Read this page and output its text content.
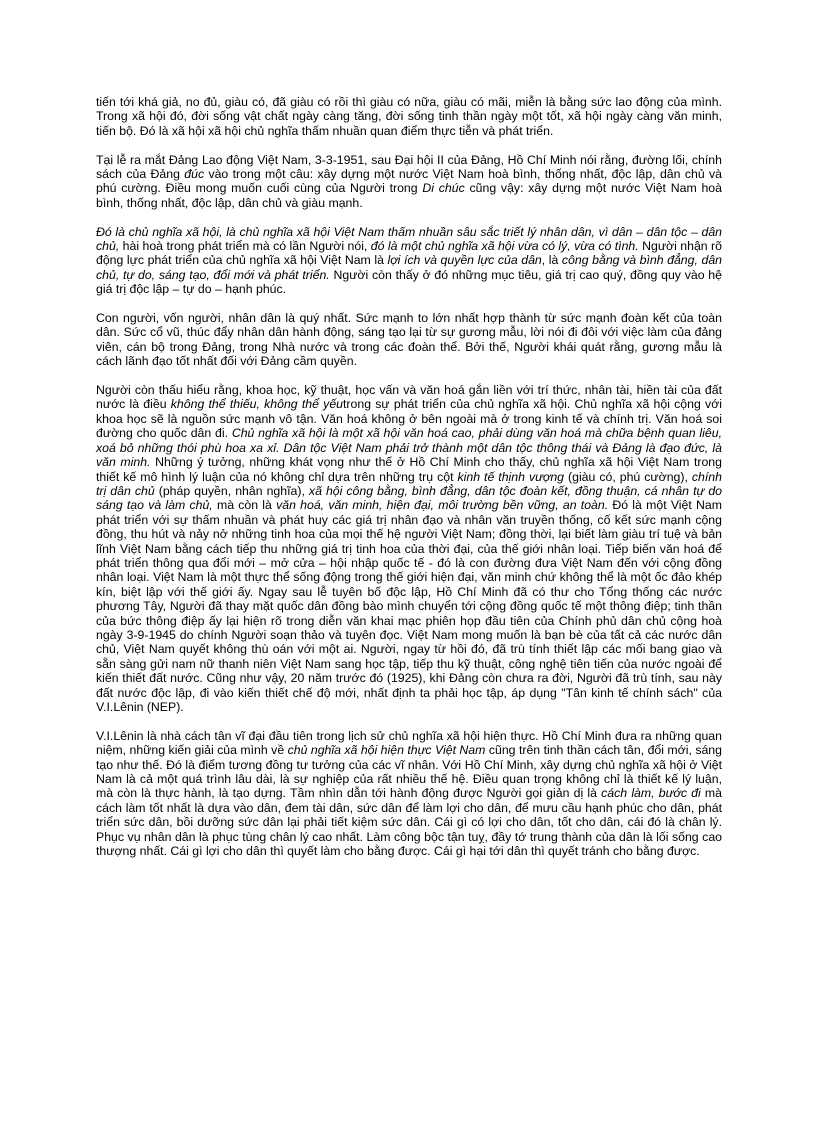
tiến tới khá giả, no đủ, giàu có, đã giàu có rồi thì giàu có nữa, giàu có mãi, miễn là bằng sức lao động của mình. Trong xã hội đó, đời sống vật chất ngày càng tăng, đời sống tinh thần ngày một tốt, xã hội ngày càng văn minh, tiến bộ. Đó là xã hội xã hội chủ nghĩa thấm nhuần quan điểm thực tiễn và phát triển.

Tại lễ ra mắt Đảng Lao động Việt Nam, 3-3-1951, sau Đại hội II của Đảng, Hồ Chí Minh nói rằng, đường lối, chính sách của Đảng đúc vào trong một câu: xây dựng một nước Việt Nam hoà bình, thống nhất, độc lập, dân chủ và phú cường. Điều mong muốn cuối cùng của Người trong Di chúc cũng vậy: xây dựng một nước Việt Nam hoà bình, thống nhất, độc lập, dân chủ và giàu mạnh.

Đó là chủ nghĩa xã hội, là chủ nghĩa xã hội Việt Nam thấm nhuần sâu sắc triết lý nhân dân, vì dân – dân tộc – dân chủ, hài hoà trong phát triển mà có lần Người nói, đó là một chủ nghĩa xã hội vừa có lý, vừa có tình. Người nhận rõ động lực phát triển của chủ nghĩa xã hội Việt Nam là lợi ích và quyền lực của dân, là công bằng và bình đẳng, dân chủ, tự do, sáng tạo, đổi mới và phát triển. Người còn thấy ở đó những mục tiêu, giá trị cao quý, đồng quy vào hệ giá trị độc lập – tự do – hạnh phúc.

Con người, vốn người, nhân dân là quý nhất. Sức mạnh to lớn nhất hợp thành từ sức mạnh đoàn kết của toàn dân. Sức cổ vũ, thúc đẩy nhân dân hành động, sáng tạo lại từ sự gương mẫu, lời nói đi đôi với việc làm của đảng viên, cán bộ trong Đảng, trong Nhà nước và trong các đoàn thể. Bởi thế, Người khái quát rằng, gương mẫu là cách lãnh đạo tốt nhất đối với Đảng cầm quyền.

Người còn thấu hiểu rằng, khoa học, kỹ thuật, học vấn và văn hoá gắn liền với trí thức, nhân tài, hiền tài của đất nước là điều không thể thiếu, không thể yếutrong sự phát triển của chủ nghĩa xã hội. Chủ nghĩa xã hội cộng với khoa học sẽ là nguồn sức mạnh vô tận. Văn hoá không ở bên ngoài mà ở trong kinh tế và chính trị. Văn hoá soi đường cho quốc dân đi. Chủ nghĩa xã hội là một xã hội văn hoá cao, phải dùng văn hoá mà chữa bệnh quan liêu, xoá bỏ những thói phù hoa xa xỉ. Dân tộc Việt Nam phải trở thành một dân tộc thông thái và Đảng là đạo đức, là văn minh. Những ý tưởng, những khát vọng như thế ở Hồ Chí Minh cho thấy, chủ nghĩa xã hội Việt Nam trong thiết kế mô hình lý luận của nó không chỉ dựa trên những trụ cột kinh tế thịnh vượng (giàu có, phú cường), chính trị dân chủ (pháp quyền, nhân nghĩa), xã hội công bằng, bình đẳng, dân tộc đoàn kết, đồng thuận, cá nhân tự do sáng tạo và làm chủ, mà còn là văn hoá, văn minh, hiện đại, môi trường bền vững, an toàn. Đó là một Việt Nam phát triển với sự thấm nhuần và phát huy các giá trị nhân đạo và nhân văn truyền thống, cố kết sức mạnh cộng đồng, thu hút và nảy nở những tinh hoa của mọi thế hệ người Việt Nam; đồng thời, lại biết làm giàu trí tuệ và bản lĩnh Việt Nam bằng cách tiếp thu những giá trị tinh hoa của thời đại, của thế giới nhân loại. Tiếp biến văn hoá để phát triển thông qua đổi mới – mở cửa – hội nhập quốc tế - đó là con đường đưa Việt Nam đến với cộng đồng nhân loại. Việt Nam là một thực thể sống động trong thế giới hiện đại, văn minh chứ không thể là một ốc đảo khép kín, biệt lập với thế giới ấy. Ngay sau lễ tuyên bố độc lập, Hồ Chí Minh đã có thư cho Tổng thống các nước phương Tây, Người đã thay mặt quốc dân đồng bào mình chuyển tới cộng đồng quốc tế một thông điệp; tinh thần của bức thông điệp ấy lại hiện rõ trong diễn văn khai mạc phiên họp đầu tiên của Chính phủ dân chủ cộng hoà ngày 3-9-1945 do chính Người soạn thảo và tuyên đọc. Việt Nam mong muốn là bạn bè của tất cả các nước dân chủ, Việt Nam quyết không thù oán với một ai. Người, ngay từ hồi đó, đã trù tính thiết lập các mối bang giao và sẵn sàng gửi nam nữ thanh niên Việt Nam sang học tập, tiếp thu kỹ thuật, công nghệ tiên tiến của nước ngoài để kiến thiết đất nước. Cũng như vậy, 20 năm trước đó (1925), khi Đảng còn chưa ra đời, Người đã trù tính, sau này đất nước độc lập, đi vào kiến thiết chế độ mới, nhất định ta phải học tập, áp dụng "Tân kinh tế chính sách" của V.I.Lênin (NEP).

V.I.Lênin là nhà cách tân vĩ đại đầu tiên trong lịch sử chủ nghĩa xã hội hiện thực. Hồ Chí Minh đưa ra những quan niệm, những kiến giải của mình về chủ nghĩa xã hội hiện thực Việt Nam cũng trên tinh thần cách tân, đổi mới, sáng tạo như thế. Đó là điểm tương đồng tư tưởng của các vĩ nhân. Với Hồ Chí Minh, xây dựng chủ nghĩa xã hội ở Việt Nam là cả một quá trình lâu dài, là sự nghiệp của rất nhiều thế hệ. Điều quan trọng không chỉ là thiết kế lý luận, mà còn là thực hành, là tạo dựng. Tầm nhìn dẫn tới hành động được Người gọi giản dị là cách làm, bước đi mà cách làm tốt nhất là dựa vào dân, đem tài dân, sức dân để làm lợi cho dân, để mưu cầu hạnh phúc cho dân, phát triển sức dân, bồi dưỡng sức dân lại phải tiết kiệm sức dân. Cái gì có lợi cho dân, tốt cho dân, cái đó là chân lý. Phục vụ nhân dân là phục tùng chân lý cao nhất. Làm công bộc tận tuỵ, đầy tớ trung thành của dân là lối sống cao thượng nhất. Cái gì lợi cho dân thì quyết làm cho bằng được. Cái gì hại tới dân thì quyết tránh cho bằng được.
